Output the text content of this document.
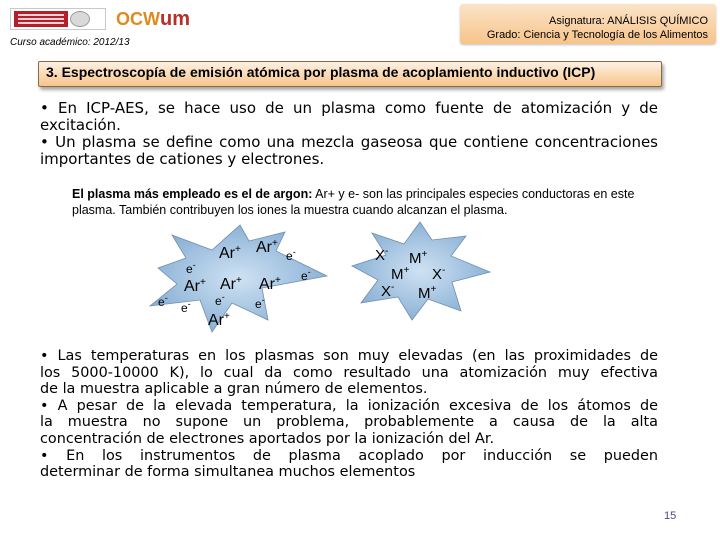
OCW um
Curso académico: 2012/13
Asignatura: ANÁLISIS QUÍMICO
Grado: Ciencia y Tecnología de los Alimentos
3. Espectroscopía de emisión atómica por plasma de acoplamiento inductivo (ICP)
• En ICP-AES, se hace uso de un plasma como fuente de atomización y de excitación.
• Un plasma se define como una mezcla gaseosa que contiene concentraciones importantes de cationes y electrones.
El plasma más empleado es el de argon: Ar+ y e- son las principales especies conductoras en este plasma. También contribuyen los iones la muestra cuando alcanzan el plasma.
Ar+ Ar+
Ar+ Ar+ Ar+
Ar+
e-
e-
e-
e-
e- e-	e-
X- M+
M+ X-
X- M+
• Las temperaturas en los plasmas son muy elevadas (en las proximidades de
los 5000-10000 K), lo cual da como resultado una atomización muy efectiva
de la muestra aplicable a gran número de elementos.
• A pesar de la elevada temperatura, la ionización excesiva de los átomos de
la muestra no supone un problema, probablemente a causa de la alta
concentración de electrones aportados por la ionización del Ar.
• En los instrumentos de plasma acoplado por inducción se pueden
determinar de forma simultanea muchos elementos
15
